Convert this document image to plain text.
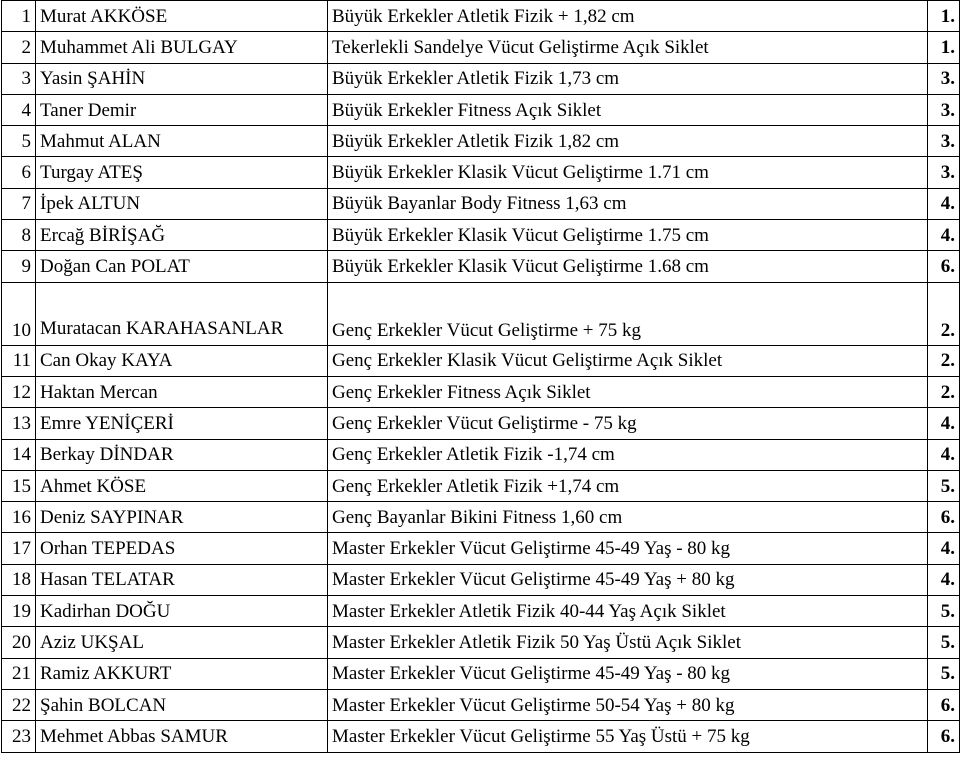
1	Murat AKKÖSE	Büyük Erkekler Atletik Fizik + 1,82 cm	1.
2	Muhammet Ali BULGAY	Tekerlekli Sandelye Vücut Geliştirme Açık Siklet	1.
3	Yasin ŞAHİN	Büyük Erkekler Atletik Fizik 1,73 cm	3.
4	Taner Demir	Büyük Erkekler Fitness Açık Siklet	3.
5	Mahmut ALAN	Büyük Erkekler Atletik Fizik 1,82 cm	3.
6	Turgay ATEŞ	Büyük Erkekler Klasik Vücut Geliştirme 1.71 cm	3.
7	İpek ALTUN	Büyük Bayanlar Body Fitness 1,63 cm	4.
8	Ercağ BİRİŞAĞ	Büyük Erkekler Klasik Vücut Geliştirme 1.75 cm	4.
9	Doğan Can POLAT	Büyük Erkekler Klasik Vücut Geliştirme 1.68 cm	6.
10	Muratacan KARAHASANLAR	Genç Erkekler Vücut Geliştirme + 75 kg	2.
11	Can Okay KAYA	Genç Erkekler Klasik Vücut Geliştirme Açık Siklet	2.
12	Haktan Mercan	Genç Erkekler Fitness Açık Siklet	2.
13	Emre YENİÇERİ	Genç Erkekler Vücut Geliştirme - 75 kg	4.
14	Berkay DİNDAR	Genç Erkekler Atletik Fizik -1,74 cm	4.
15	Ahmet KÖSE	Genç Erkekler Atletik Fizik +1,74 cm	5.
16	Deniz SAYPINAR	Genç Bayanlar Bikini Fitness 1,60 cm	6.
17	Orhan TEPEDAS	Master Erkekler Vücut Geliştirme 45-49 Yaş - 80 kg	4.
18	Hasan TELATAR	Master Erkekler Vücut Geliştirme 45-49 Yaş + 80 kg	4.
19	Kadirhan DOĞU	Master Erkekler Atletik Fizik 40-44 Yaş Açık Siklet	5.
20	Aziz UKŞAL	Master Erkekler Atletik Fizik 50 Yaş Üstü Açık Siklet	5.
21	Ramiz AKKURT	Master Erkekler Vücut Geliştirme 45-49 Yaş - 80 kg	5.
22	Şahin BOLCAN	Master Erkekler Vücut Geliştirme 50-54 Yaş + 80 kg	6.
23	Mehmet Abbas SAMUR	Master Erkekler Vücut Geliştirme 55 Yaş Üstü + 75 kg	6.
